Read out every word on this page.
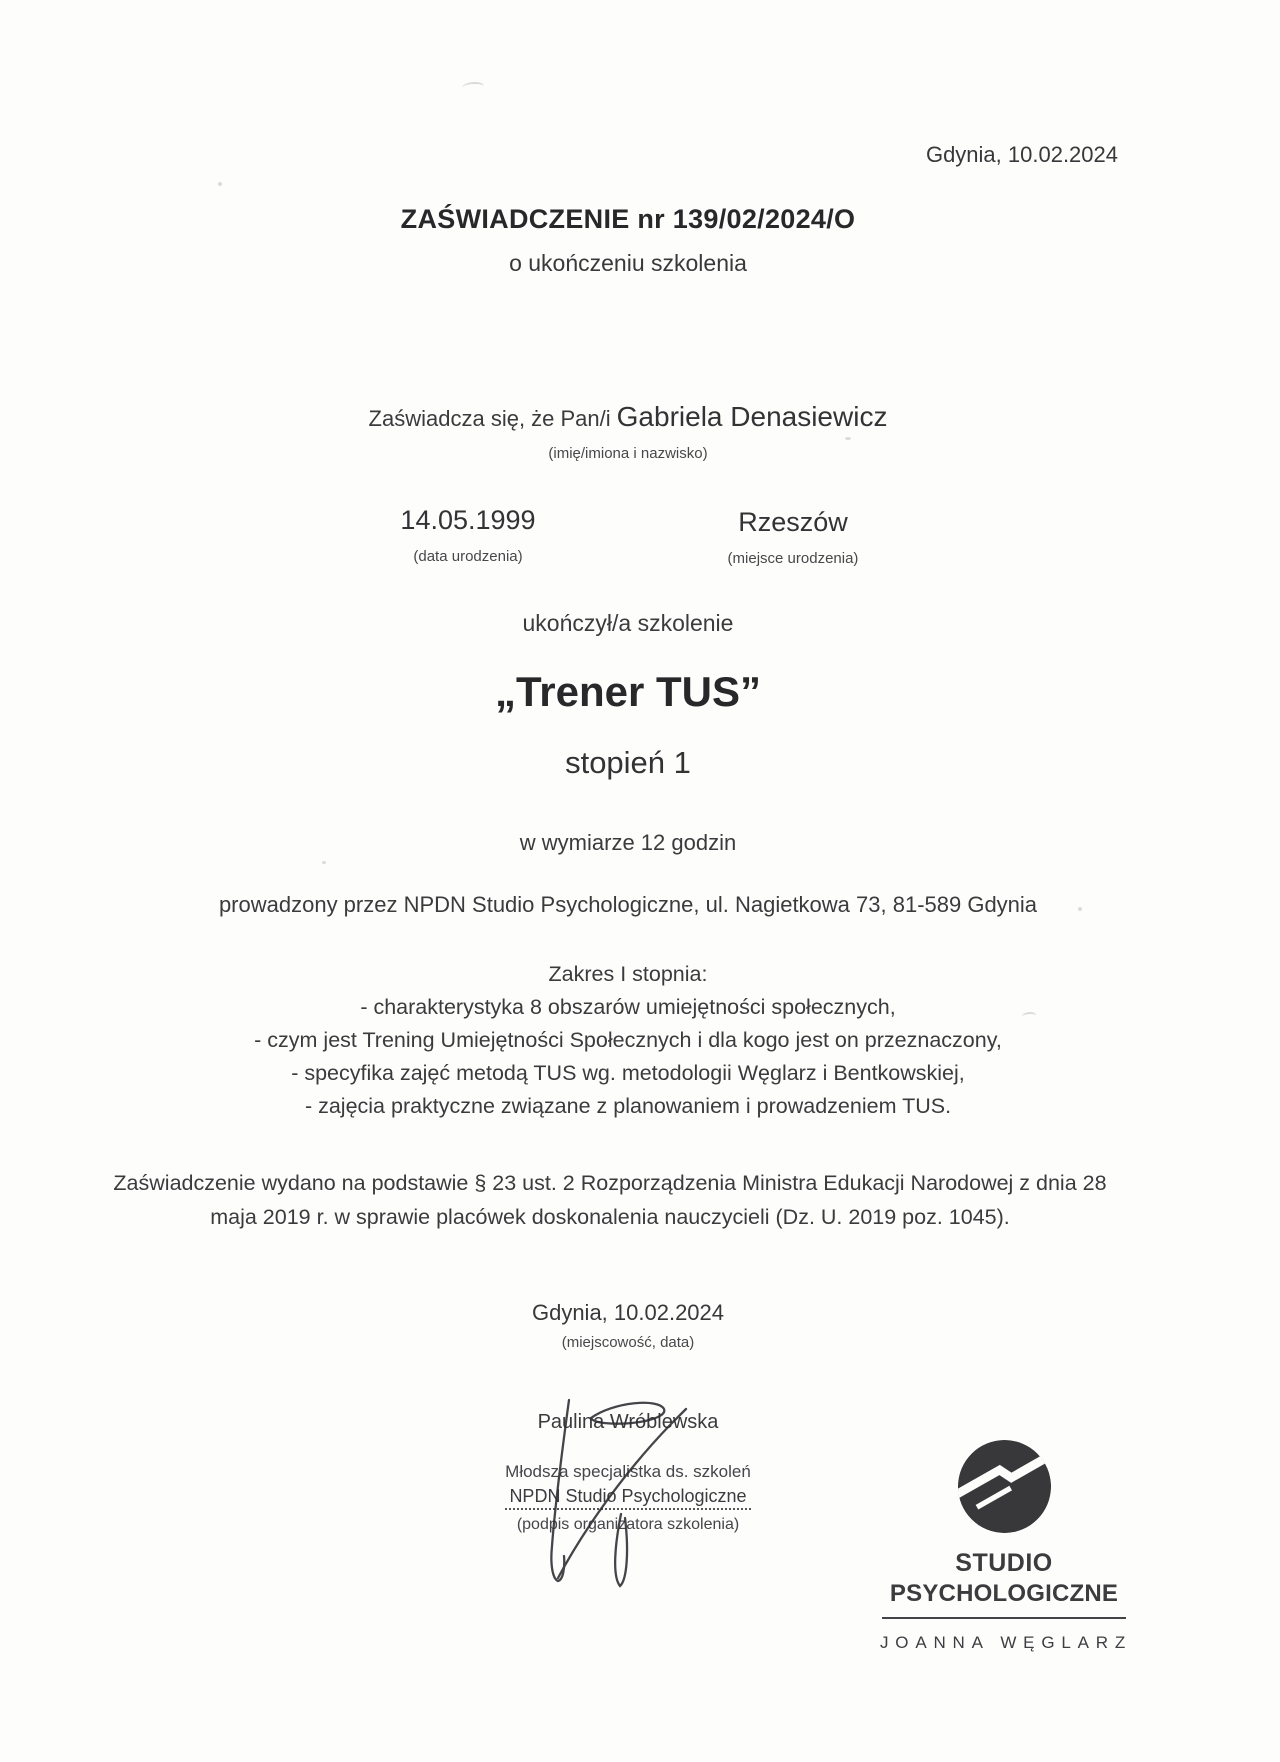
Gdynia, 10.02.2024
ZAŚWIADCZENIE nr 139/02/2024/O
o ukończeniu szkolenia
Zaświadcza się, że Pan/i Gabriela Denasiewicz
(imię/imiona i nazwisko)
14.05.1999
(data urodzenia)
Rzeszów
(miejsce urodzenia)
ukończył/a szkolenie
„Trener TUS”
stopień 1
w wymiarze 12 godzin
prowadzony przez NPDN Studio Psychologiczne, ul. Nagietkowa 73, 81-589 Gdynia
Zakres I stopnia:
- charakterystyka 8 obszarów umiejętności społecznych,
- czym jest Trening Umiejętności Społecznych i dla kogo jest on przeznaczony,
- specyfika zajęć metodą TUS wg. metodologii Węglarz i Bentkowskiej,
- zajęcia praktyczne związane z planowaniem i prowadzeniem TUS.
Zaświadczenie wydano na podstawie § 23 ust. 2 Rozporządzenia Ministra Edukacji Narodowej z dnia 28 maja 2019 r. w sprawie placówek doskonalenia nauczycieli (Dz. U. 2019 poz. 1045).
Gdynia, 10.02.2024
(miejscowość, data)
Paulina Wróblewska
Młodsza specjalistka ds. szkoleń
NPDN Studio Psychologiczne
(podpis organizatora szkolenia)
STUDIO
PSYCHOLOGICZNE
JOANNA WĘGLARZ
